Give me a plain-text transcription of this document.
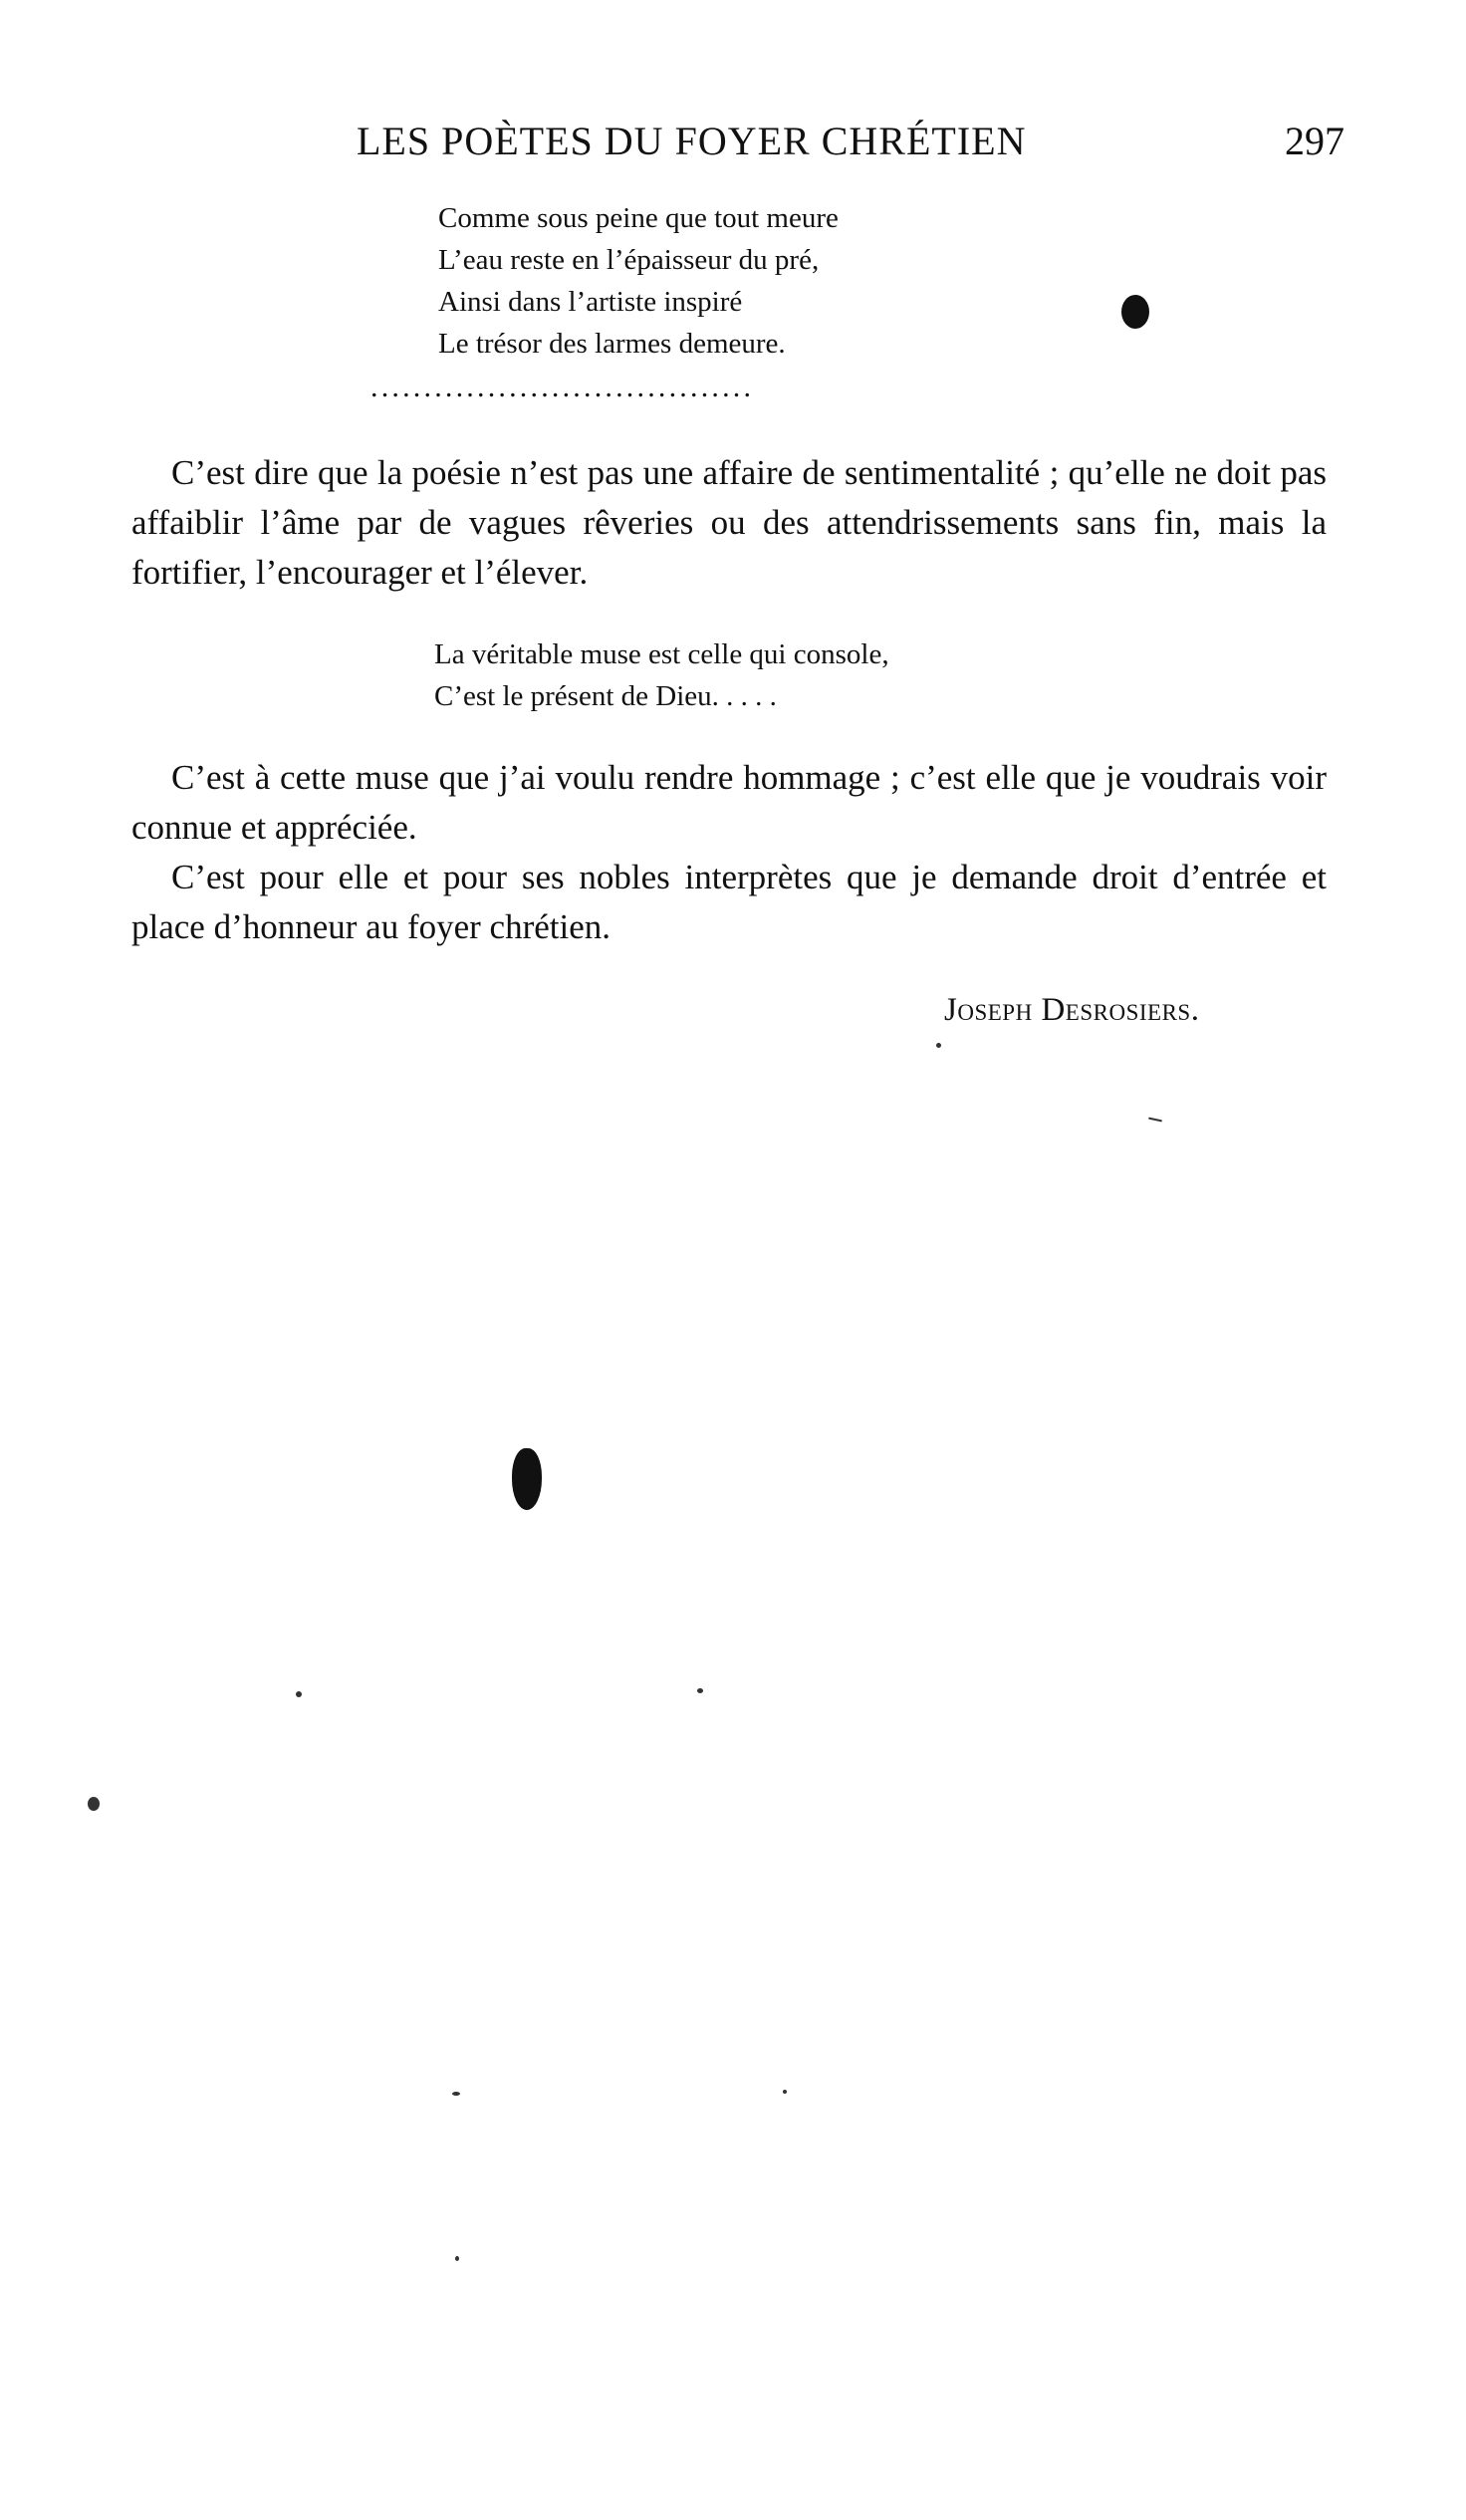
LES POÈTES DU FOYER CHRÉTIEN	297
Comme sous peine que tout meure
L’eau reste en l’épaisseur du pré,
Ainsi dans l’artiste inspiré
Le trésor des larmes demeure.
....................................

C’est dire que la poésie n’est pas une affaire de sentimentalité ; qu’elle ne doit pas affaiblir l’âme par de vagues rêveries ou des attendrissements sans fin, mais la fortifier, l’encourager et l’élever.

La véritable muse est celle qui console,
C’est le présent de Dieu. . . . .

C’est à cette muse que j’ai voulu rendre hommage ; c’est elle que je voudrais voir connue et appréciée.

C’est pour elle et pour ses nobles interprètes que je demande droit d’entrée et place d’honneur au foyer chrétien.

Joseph Desrosiers.
